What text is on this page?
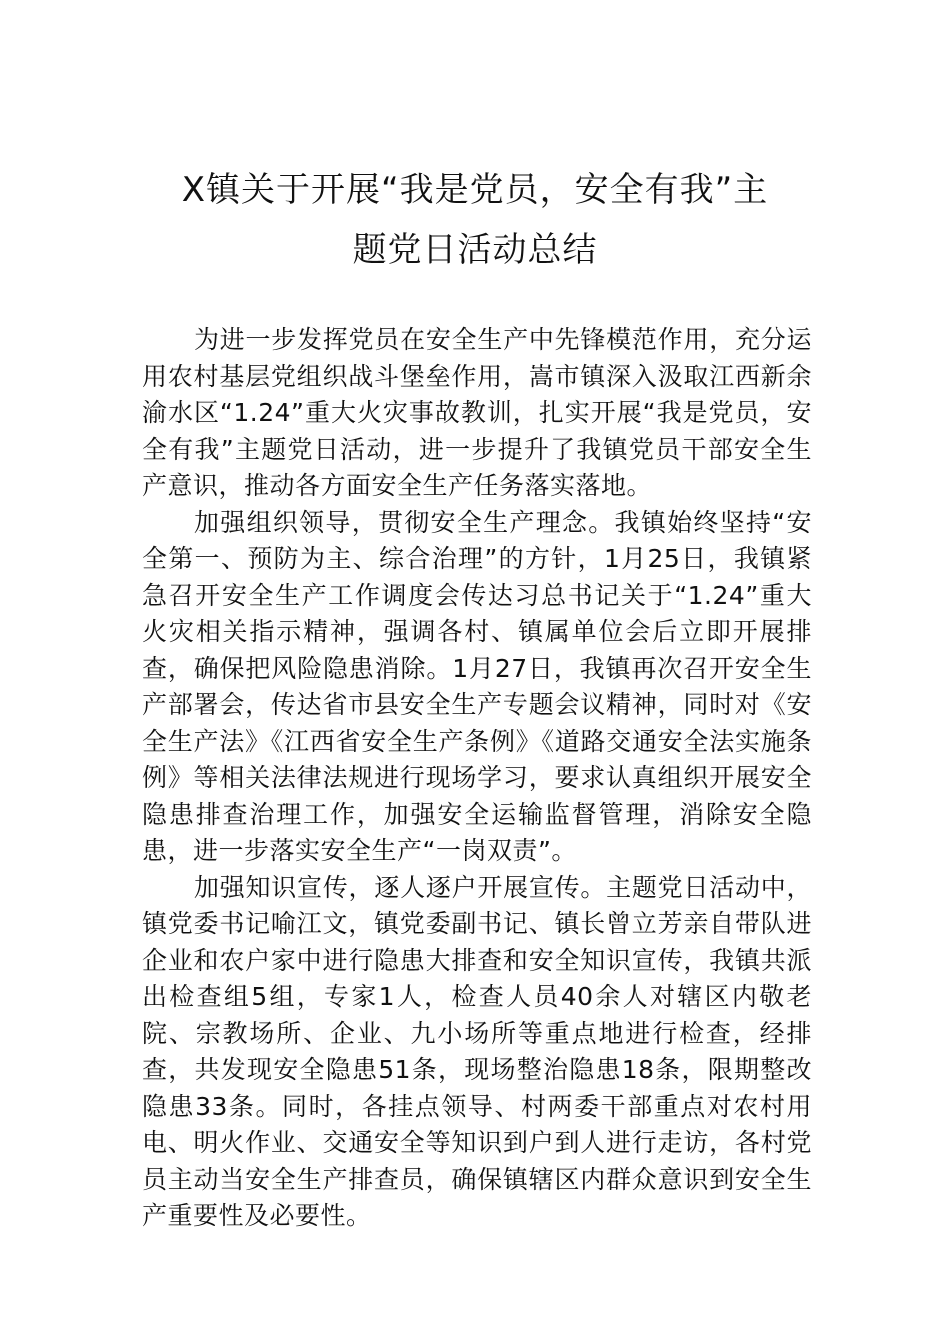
X镇关于开展“我是党员，安全有我”主
题党日活动总结

为进一步发挥党员在安全生产中先锋模范作用，充分运用农村基层党组织战斗堡垒作用，嵩市镇深入汲取江西新余渝水区“1.24”重大火灾事故教训，扎实开展“我是党员，安全有我”主题党日活动，进一步提升了我镇党员干部安全生产意识，推动各方面安全生产任务落实落地。

加强组织领导，贯彻安全生产理念。我镇始终坚持“安全第一、预防为主、综合治理”的方针，1月25日，我镇紧急召开安全生产工作调度会传达习总书记关于“1.24”重大火灾相关指示精神，强调各村、镇属单位会后立即开展排查，确保把风险隐患消除。1月27日，我镇再次召开安全生产部署会，传达省市县安全生产专题会议精神，同时对《安全生产法》《江西省安全生产条例》《道路交通安全法实施条例》等相关法律法规进行现场学习，要求认真组织开展安全隐患排查治理工作，加强安全运输监督管理，消除安全隐患，进一步落实安全生产“一岗双责”。

加强知识宣传，逐人逐户开展宣传。主题党日活动中，镇党委书记喻江文，镇党委副书记、镇长曾立芳亲自带队进企业和农户家中进行隐患大排查和安全知识宣传，我镇共派出检查组5组，专家1人，检查人员40余人对辖区内敬老院、宗教场所、企业、九小场所等重点地进行检查，经排查，共发现安全隐患51条，现场整治隐患18条，限期整改隐患33条。同时，各挂点领导、村两委干部重点对农村用电、明火作业、交通安全等知识到户到人进行走访，各村党员主动当安全生产排查员，确保镇辖区内群众意识到安全生产重要性及必要性。
